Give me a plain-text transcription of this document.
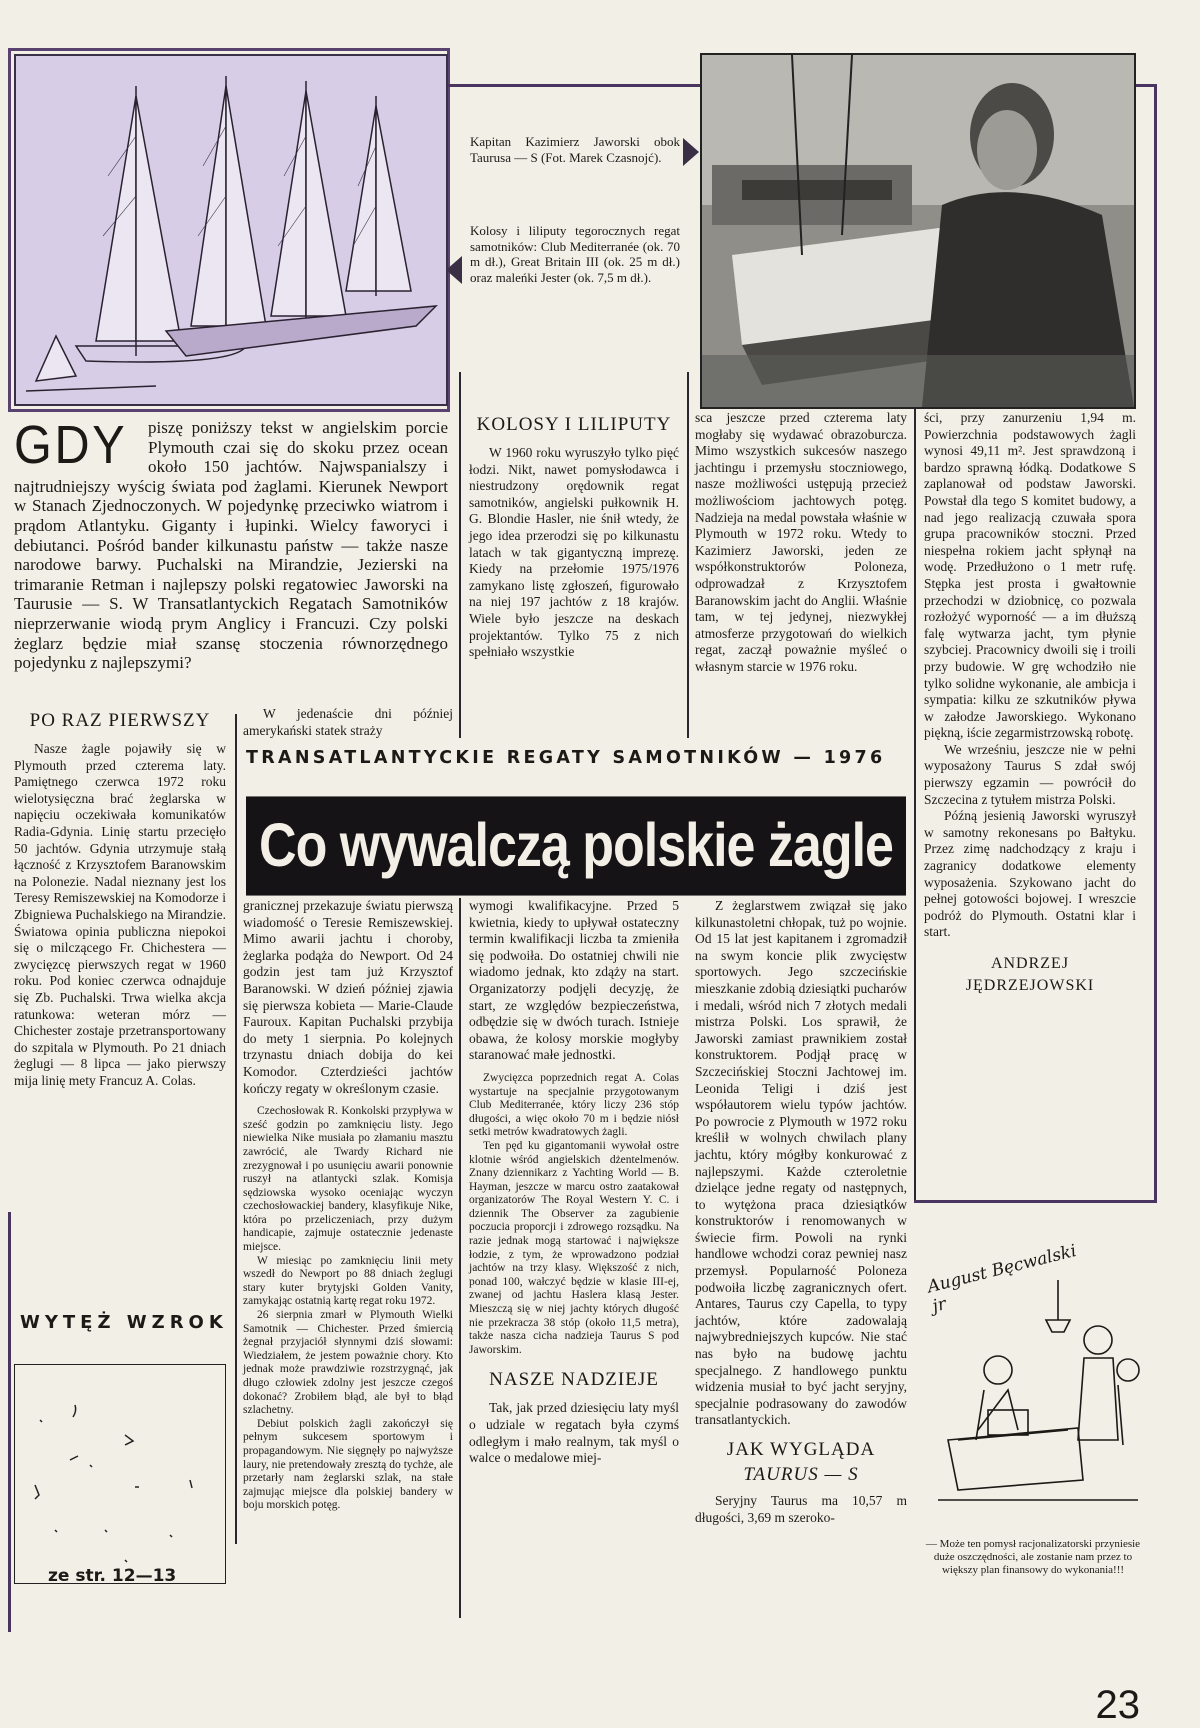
Kapitan Kazimierz Jaworski obok Taurusa — S (Fot. Marek Czasnojć).
Kolosy i liliputy tegorocznych regat samotników: Club Mediterranée (ok. 70 m dł.), Great Britain III (ok. 25 m dł.) oraz maleńki Jester (ok. 7,5 m dł.).
GDY piszę poniższy tekst w angielskim porcie Plymouth czai się do skoku przez ocean około 150 jachtów. Najwspanialszy i najtrudniejszy wyścig świata pod żaglami. Kierunek Newport w Stanach Zjednoczonych. W pojedynkę przeciwko wiatrom i prądom Atlantyku. Giganty i łupinki. Wielcy faworyci i debiutanci. Pośród bander kilkunastu państw — także nasze narodowe barwy. Puchalski na Mirandzie, Jezierski na trimaranie Retman i najlepszy polski regatowiec Jaworski na Taurusie — S. W Transatlantyckich Regatach Samotników nieprzerwanie wiodą prym Anglicy i Francuzi. Czy polski żeglarz będzie miał szansę stoczenia równorzędnego pojedynku z najlepszymi?
PO RAZ PIERWSZY

Nasze żagle pojawiły się w Plymouth przed czterema laty. Pamiętnego czerwca 1972 roku wielotysięczna brać żeglarska w napięciu oczekiwała komunikatów Radia-Gdynia. Linię startu przecięło 50 jachtów. Gdynia utrzymuje stałą łączność z Krzysztofem Baranowskim na Polonezie. Nadal nieznany jest los Teresy Remiszewskiej na Komodorze i Zbigniewa Puchalskiego na Mirandzie. Światowa opinia publiczna niepokoi się o milczącego Fr. Chichestera — zwycięzcę pierwszych regat w 1960 roku. Pod koniec czerwca odnajduje się Zb. Puchalski. Trwa wielka akcja ratunkowa: weteran mórz — Chichester zostaje przetransportowany do szpitala w Plymouth. Po 21 dniach żeglugi — 8 lipca — jako pierwszy mija linię mety Francuz A. Colas.

W jedenaście dni później amerykański statek straży

TRANSATLANTYCKIE REGATY SAMOTNIKÓW — 1976
Co wywalczą polskie żagle

granicznej przekazuje światu pierwszą wiadomość o Teresie Remiszewskiej. Mimo awarii jachtu i choroby, żeglarka podąża do Newport. Od 24 godzin jest tam już Krzysztof Baranowski. W dzień później zjawia się pierwsza kobieta — Marie-Claude Fauroux. Kapitan Puchalski przybija do mety 1 sierpnia. Po kolejnych trzynastu dniach dobija do kei Komodor. Czterdzieści jachtów kończy regaty w określonym czasie.

Czechosłowak R. Konkolski przypływa w sześć godzin po zamknięciu listy. Jego niewielka Nike musiała po złamaniu masztu zawrócić, ale Twardy Richard nie zrezygnował i po usunięciu awarii ponownie ruszył na atlantycki szlak. Komisja sędziowska wysoko oceniając wyczyn czechosłowackiej bandery, klasyfikuje Nike, która po przeliczeniach, przy dużym handicapie, zajmuje ostatecznie jedenaste miejsce.

W miesiąc po zamknięciu linii mety wszedł do Newport po 88 dniach żeglugi stary kuter brytyjski Golden Vanity, zamykając ostatnią kartę regat roku 1972.

26 sierpnia zmarł w Plymouth Wielki Samotnik — Chichester. Przed śmiercią żegnał przyjaciół słynnymi dziś słowami: Wiedziałem, że jestem poważnie chory. Kto jednak może prawdziwie rozstrzygnąć, jak długo człowiek zdolny jest jeszcze czegoś dokonać? Zrobiłem błąd, ale był to błąd szlachetny.

Debiut polskich żagli zakończył się pełnym sukcesem sportowym i propagandowym. Nie sięgnęły po najwyższe laury, nie pretendowały zresztą do tychże, ale przetarły nam żeglarski szlak, na stałe zajmując miejsce dla polskiej bandery w boju morskich potęg.

KOLOSY I LILIPUTY

W 1960 roku wyruszyło tylko pięć łodzi. Nikt, nawet pomysłodawca i niestrudzony orędownik regat samotników, angielski pułkownik H. G. Blondie Hasler, nie śnił wtedy, że jego idea przerodzi się po kilkunastu latach w tak gigantyczną imprezę. Kiedy na przełomie 1975/1976 zamykano listę zgłoszeń, figurowało na niej 197 jachtów z 18 krajów. Wiele było jeszcze na deskach projektantów. Tylko 75 z nich spełniało wszystkie

wymogi kwalifikacyjne. Przed 5 kwietnia, kiedy to upływał ostateczny termin kwalifikacji liczba ta zmieniła się podwoiła. Do ostatniej chwili nie wiadomo jednak, kto zdąży na start. Organizatorzy podjęli decyzję, że start, ze względów bezpieczeństwa, odbędzie się w dwóch turach. Istnieje obawa, że kolosy morskie mogłyby staranować małe jednostki.

Zwycięzca poprzednich regat A. Colas wystartuje na specjalnie przygotowanym Club Mediterranée, który liczy 236 stóp długości, a więc około 70 m i będzie niósł setki metrów kwadratowych żagli.

Ten pęd ku gigantomanii wywołał ostre klotnie wśród angielskich dżentelmenów. Znany dziennikarz z Yachting World — B. Hayman, jeszcze w marcu ostro zaatakował organizatorów The Royal Western Y. C. i dziennik The Observer za zagubienie poczucia proporcji i zdrowego rozsądku. Na razie jednak mogą startować i największe łodzie, z tym, że wprowadzono podział jachtów na trzy klasy. Większość z nich, ponad 100, wałczyć będzie w klasie III-ej, zwanej od jachtu Haslera klasą Jester. Mieszczą się w niej jachty których długość nie przekracza 38 stóp (około 11,5 metra), także nasza cicha nadzieja Taurus S pod Jaworskim.

NASZE NADZIEJE

Tak, jak przed dziesięciu laty myśl o udziale w regatach była czymś odległym i mało realnym, tak myśl o walce o medalowe miej-

sca jeszcze przed czterema laty mogłaby się wydawać obrazoburcza. Mimo wszystkich sukcesów naszego jachtingu i przemysłu stoczniowego, nasze możliwości ustępują przecież możliwościom jachtowych potęg. Nadzieja na medal powstała właśnie w Plymouth w 1972 roku. Wtedy to Kazimierz Jaworski, jeden ze współkonstruktorów Poloneza, odprowadzał z Krzysztofem Baranowskim jacht do Anglii. Właśnie tam, w tej jedynej, niezwykłej atmosferze przygotowań do wielkich regat, zaczął poważnie myśleć o własnym starcie w 1976 roku.

Z żeglarstwem związał się jako kilkunastoletni chłopak, tuż po wojnie. Od 15 lat jest kapitanem i zgromadził na swym koncie plik zwycięstw sportowych. Jego szczecińskie mieszkanie zdobią dziesiątki pucharów i medali, wśród nich 7 złotych medali mistrza Polski. Los sprawił, że Jaworski zamiast prawnikiem został konstruktorem. Podjął pracę w Szczecińskiej Stoczni Jachtowej im. Leonida Teligi i dziś jest współautorem wielu typów jachtów. Po powrocie z Plymouth w 1972 roku kreślił w wolnych chwilach plany jachtu, który mógłby konkurować z najlepszymi. Każde czteroletnie dzielące jedne regaty od następnych, to wytężona praca dziesiątków konstruktorów i renomowanych w świecie firm. Powoli na rynki handlowe wchodzi coraz pewniej nasz przemysł. Popularność Poloneza podwoiła liczbę zagranicznych ofert. Antares, Taurus czy Capella, to typy jachtów, które zadowalają najwybredniejszych kupców. Nie stać nas było na budowę jachtu specjalnego. Z handlowego punktu widzenia musiał to być jacht seryjny, specjalnie podrasowany do zawodów transatlantyckich.

JAK WYGLĄDA
TAURUS — S

Seryjny Taurus ma 10,57 m długości, 3,69 m szeroko-

ści, przy zanurzeniu 1,94 m. Powierzchnia podstawowych żagli wynosi 49,11 m². Jest sprawdzoną i bardzo sprawną łódką. Dodatkowe S zaplanował od podstaw Jaworski. Powstał dla tego S komitet budowy, a nad jego realizacją czuwała spora grupa pracowników stoczni. Przed niespełna rokiem jacht spłynął na wodę. Przedłużono o 1 metr rufę. Stępka jest prosta i gwałtownie przechodzi w dziobnicę, co pozwala rozłożyć wyporność — a im dłuższą falę wytwarza jacht, tym płynie szybciej. Pracownicy dwoili się i troili przy budowie. W grę wchodziło nie tylko solidne wykonanie, ale ambicja i sympatia: kilku ze szkutników pływa w załodze Jaworskiego. Wykonano piękną, iście zegarmistrzowską robotę.

We wrześniu, jeszcze nie w pełni wyposażony Taurus S zdał swój pierwszy egzamin — powrócił do Szczecina z tytułem mistrza Polski.

Późną jesienią Jaworski wyruszył w samotny rekonesans po Bałtyku. Przez zimę nadchodzący z kraju i zagranicy dodatkowe elementy wyposażenia. Szykowano jacht do pełnej gotowości bojowej. I wreszcie podróż do Plymouth. Ostatni klar i start.

ANDRZEJ
JĘDRZEJOWSKI
WYTĘŻ WZROK
ze str. 12—13
August Bęcwalski jr
— Może ten pomysł racjonalizatorski przyniesie duże oszczędności, ale zostanie nam przez to większy plan finansowy do wykonania!!!
23
